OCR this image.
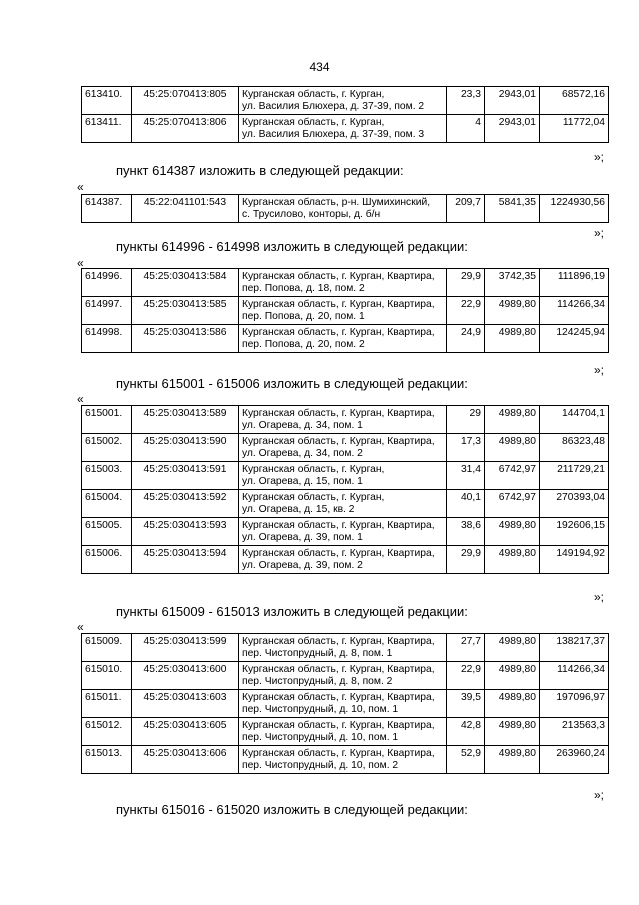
434
613410.	45:25:070413:805	Курганская область, г. Курган,
ул. Василия Блюхера, д. 37-39, пом. 2	23,3	2943,01	68572,16
613411.	45:25:070413:806	Курганская область, г. Курган,
ул. Василия Блюхера, д. 37-39, пом. 3	4	2943,01	11772,04
»;
пункт 614387 изложить в следующей редакции:
«
614387.	45:22:041101:543	Курганская область, р-н. Шумихинский,
с. Трусилово, конторы, д. б/н
	209,7	5841,35	1224930,56
»;
пункты 614996 - 614998 изложить в следующей редакции:
«
614996.	45:25:030413:584	Курганская область, г. Курган, Квартира,
пер. Попова, д. 18, пом. 2	29,9	3742,35	111896,19
614997.	45:25:030413:585	Курганская область, г. Курган, Квартира,
пер. Попова, д. 20, пом. 1	22,9	4989,80	114266,34
614998.	45:25:030413:586	Курганская область, г. Курган, Квартира,
пер. Попова, д. 20, пом. 2	24,9	4989,80	124245,94
»;
пункты 615001 - 615006 изложить в следующей редакции:
«
615001.	45:25:030413:589	Курганская область, г. Курган, Квартира,
ул. Огарева, д. 34, пом. 1	29	4989,80	144704,1
615002.	45:25:030413:590	Курганская область, г. Курган, Квартира,
ул. Огарева, д. 34, пом. 2	17,3	4989,80	86323,48
615003.	45:25:030413:591	Курганская область, г. Курган,
ул. Огарева, д. 15, пом. 1	31,4	6742,97	211729,21
615004.	45:25:030413:592	Курганская область, г. Курган,
ул. Огарева, д. 15, кв. 2	40,1	6742,97	270393,04
615005.	45:25:030413:593	Курганская область, г. Курган, Квартира,
ул. Огарева, д. 39, пом. 1	38,6	4989,80	192606,15
615006.	45:25:030413:594	Курганская область, г. Курган, Квартира,
ул. Огарева, д. 39, пом. 2	29,9	4989,80	149194,92
»;
пункты 615009 - 615013 изложить в следующей редакции:
«
615009.	45:25:030413:599	Курганская область, г. Курган, Квартира,
пер. Чистопрудный, д. 8, пом. 1	27,7	4989,80	138217,37
615010.	45:25:030413:600	Курганская область, г. Курган, Квартира,
пер. Чистопрудный, д. 8, пом. 2	22,9	4989,80	114266,34
615011.	45:25:030413:603	Курганская область, г. Курган, Квартира,
пер. Чистопрудный, д. 10, пом. 1	39,5	4989,80	197096,97
615012.	45:25:030413:605	Курганская область, г. Курган, Квартира,
пер. Чистопрудный, д. 10, пом. 1	42,8	4989,80	213563,3
615013.	45:25:030413:606	Курганская область, г. Курган, Квартира,
пер. Чистопрудный, д. 10, пом. 2	52,9	4989,80	263960,24
»;
пункты 615016 - 615020 изложить в следующей редакции:
